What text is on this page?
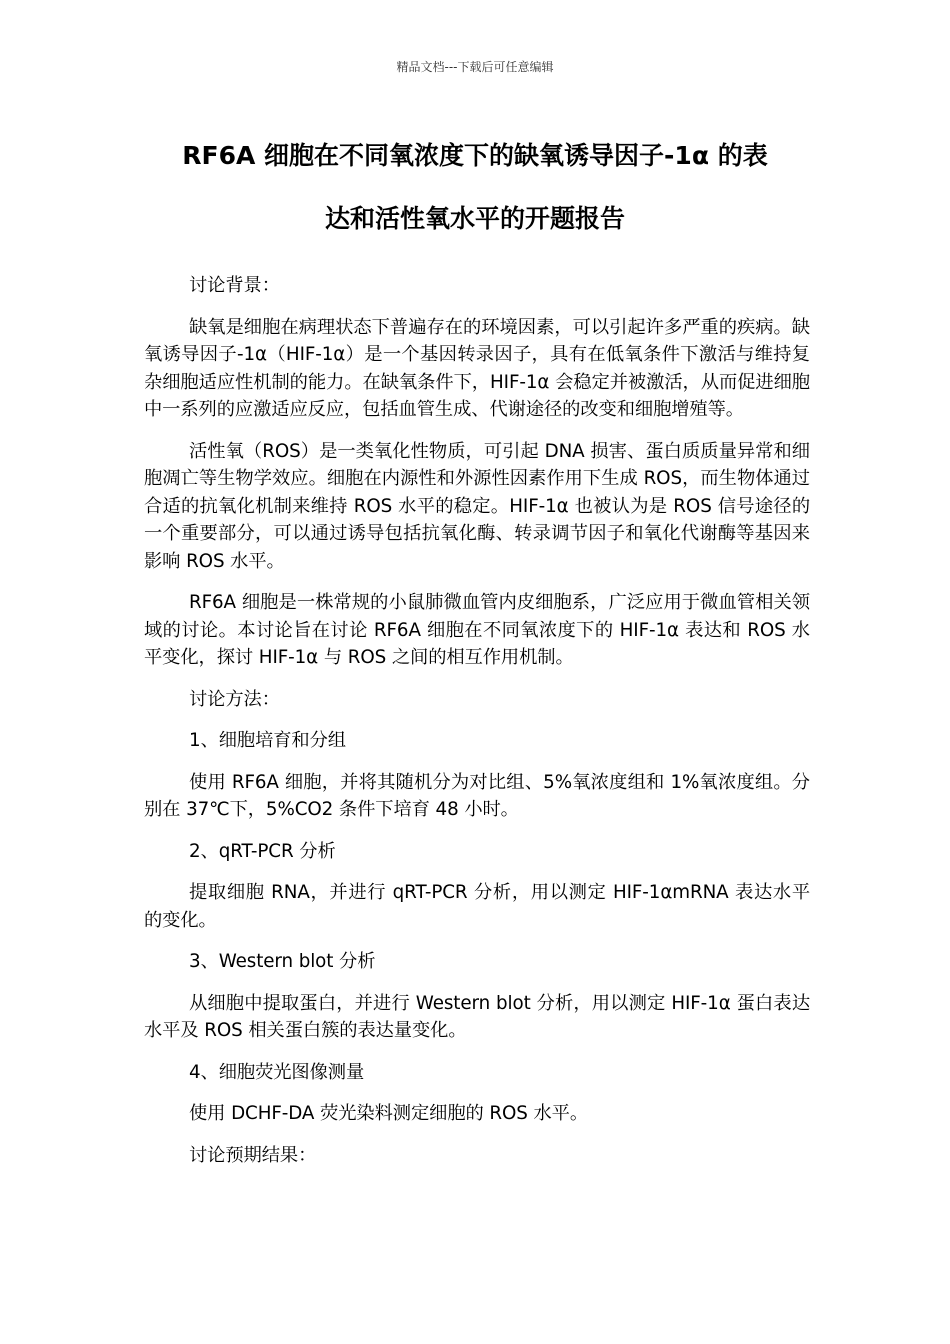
精品文档---下载后可任意编辑
RF6A 细胞在不同氧浓度下的缺氧诱导因子-1α 的表
达和活性氧水平的开题报告

讨论背景：

缺氧是细胞在病理状态下普遍存在的环境因素，可以引起许多严重的疾病。缺氧诱导因子-1α（HIF-1α）是一个基因转录因子，具有在低氧条件下激活与维持复杂细胞适应性机制的能力。在缺氧条件下，HIF-1α 会稳定并被激活，从而促进细胞中一系列的应激适应反应，包括血管生成、代谢途径的改变和细胞增殖等。

活性氧（ROS）是一类氧化性物质，可引起 DNA 损害、蛋白质质量异常和细胞凋亡等生物学效应。细胞在内源性和外源性因素作用下生成 ROS，而生物体通过合适的抗氧化机制来维持 ROS 水平的稳定。HIF-1α 也被认为是 ROS 信号途径的一个重要部分，可以通过诱导包括抗氧化酶、转录调节因子和氧化代谢酶等基因来影响 ROS 水平。

RF6A 细胞是一株常规的小鼠肺微血管内皮细胞系，广泛应用于微血管相关领域的讨论。本讨论旨在讨论 RF6A 细胞在不同氧浓度下的 HIF-1α 表达和 ROS 水平变化，探讨 HIF-1α 与 ROS 之间的相互作用机制。

讨论方法：

1、细胞培育和分组

使用 RF6A 细胞，并将其随机分为对比组、5%氧浓度组和 1%氧浓度组。分别在 37℃下，5%CO2 条件下培育 48 小时。

2、qRT-PCR 分析

提取细胞 RNA，并进行 qRT-PCR 分析，用以测定 HIF-1αmRNA 表达水平的变化。

3、Western blot 分析

从细胞中提取蛋白，并进行 Western blot 分析，用以测定 HIF-1α 蛋白表达水平及 ROS 相关蛋白簇的表达量变化。

4、细胞荧光图像测量

使用 DCHF-DA 荧光染料测定细胞的 ROS 水平。

讨论预期结果：
